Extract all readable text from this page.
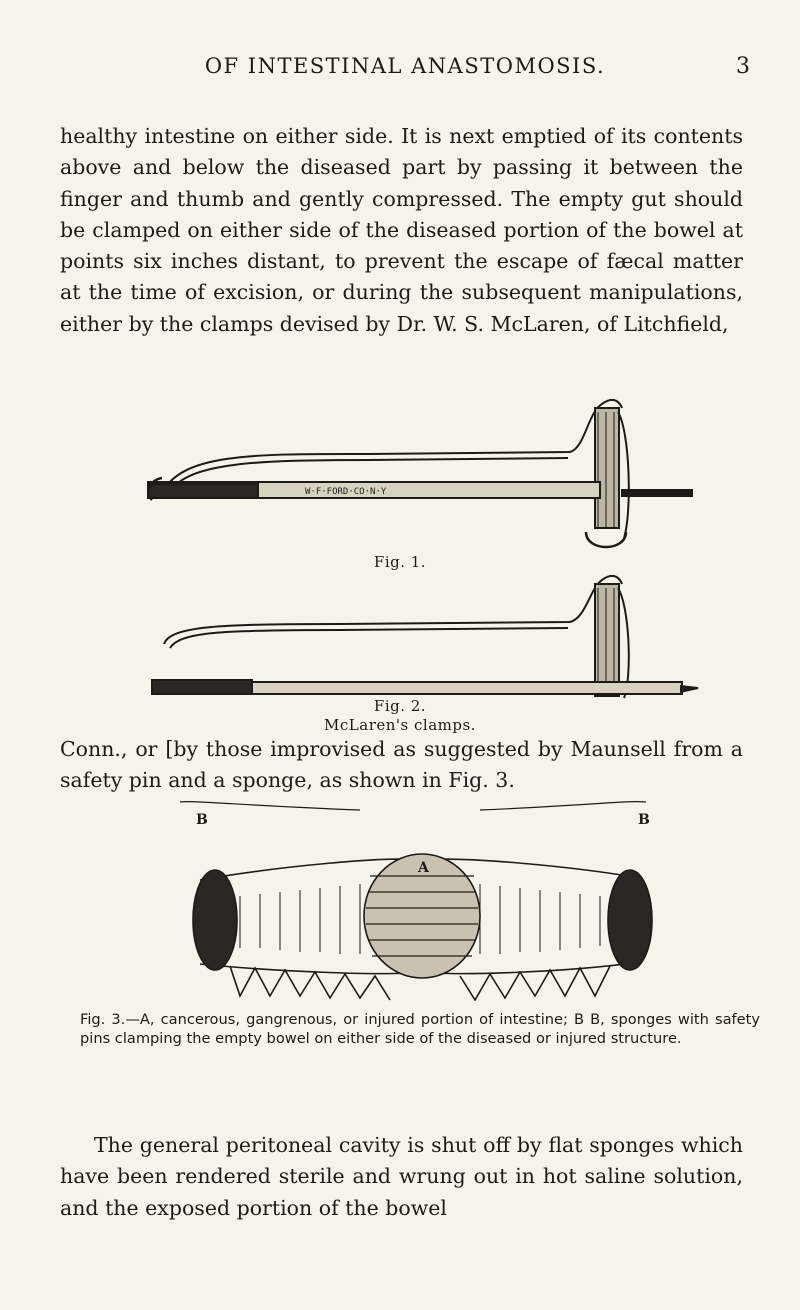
OF INTESTINAL ANASTOMOSIS.	3

healthy intestine on either side. It is next emptied of its contents above and below the diseased part by passing it between the finger and thumb and gently compressed. The empty gut should be clamped on either side of the diseased portion of the bowel at points six inches distant, to prevent the escape of fæcal matter at the time of excision, or during the subsequent manipulations, either by the clamps devised by Dr. W. S. McLaren, of Litchfield,

W·F·FORD·CO·N·Y
Fig. 1.
Fig. 2.
McLaren's clamps.

Conn., or [by those improvised as suggested by Maunsell from a safety pin and a sponge, as shown in Fig. 3.

B	B
A
Fig. 3.—A, cancerous, gangrenous, or injured portion of intestine; B B, sponges with safety pins clamping the empty bowel on either side of the diseased or injured structure.

The general peritoneal cavity is shut off by flat sponges which have been rendered sterile and wrung out in hot saline solution, and the exposed portion of the bowel
